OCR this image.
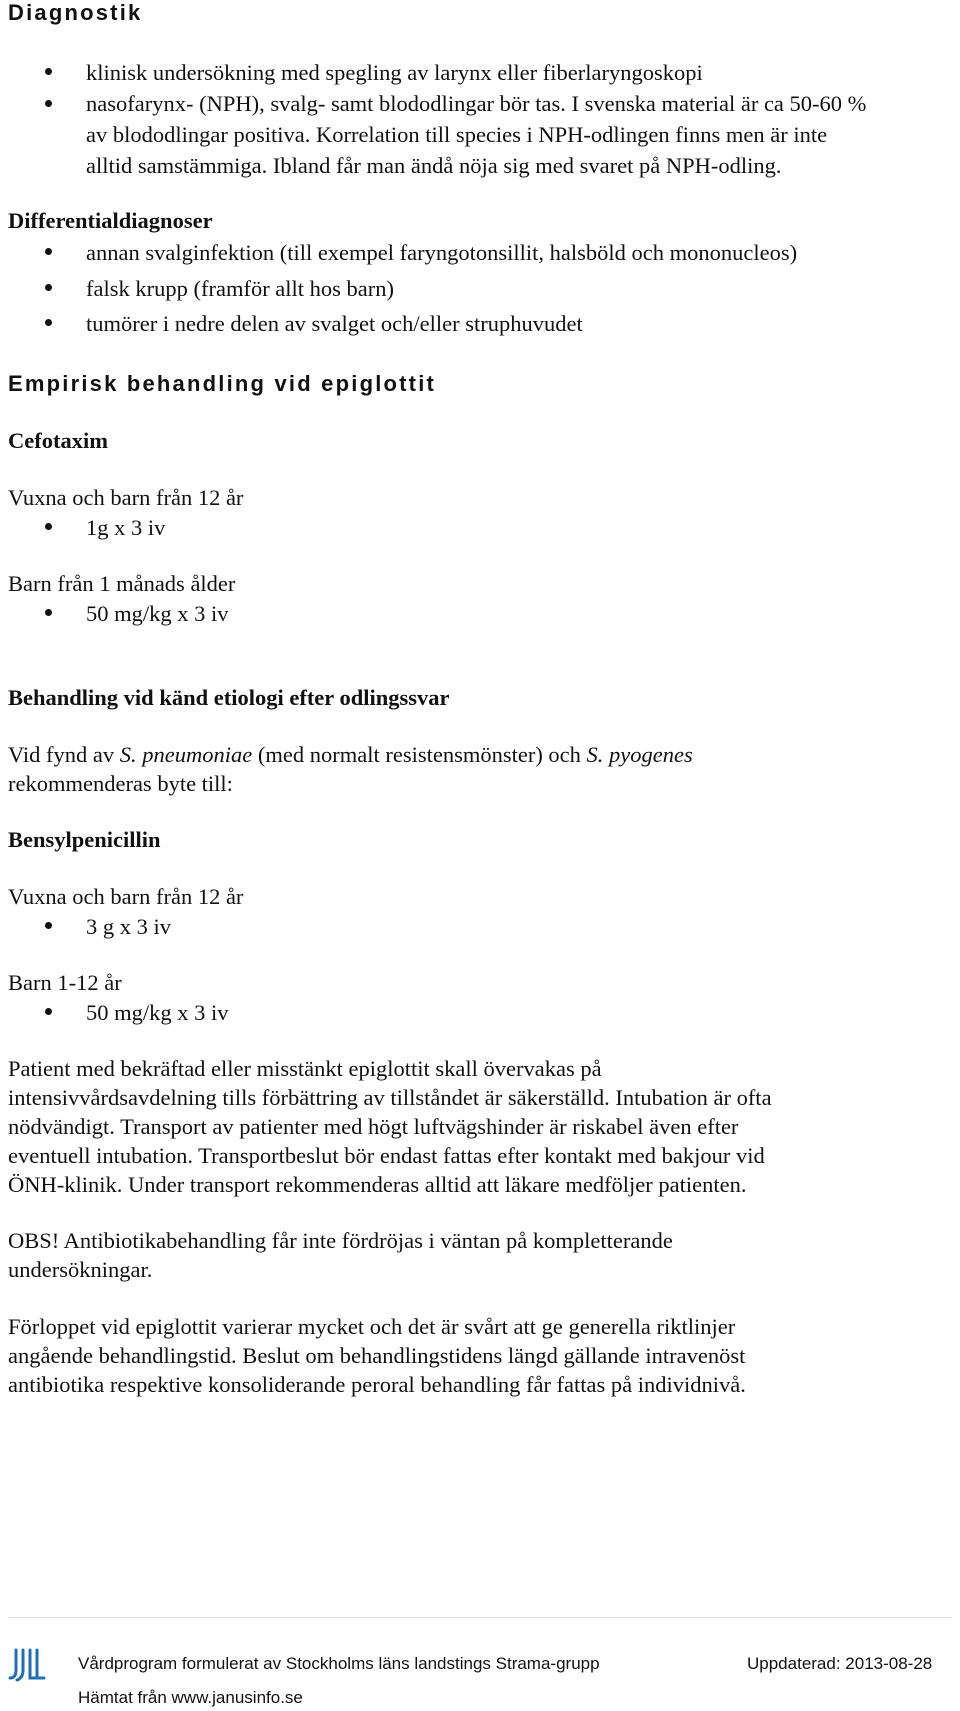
Diagnostik
klinisk undersökning med spegling av larynx eller fiberlaryngoskopi
nasofarynx- (NPH), svalg- samt blododlingar bör tas. I svenska material är ca 50-60 % av blododlingar positiva. Korrelation till species i NPH-odlingen finns men är inte alltid samstämmiga. Ibland får man ändå nöja sig med svaret på NPH-odling.
Differentialdiagnoser
annan svalginfektion (till exempel faryngotonsillit, halsböld och mononucleos)
falsk krupp (framför allt hos barn)
tumörer i nedre delen av svalget och/eller struphuvudet
Empirisk behandling vid epiglottit
Cefotaxim
Vuxna och barn från 12 år
1g x 3 iv
Barn från 1 månads ålder
50 mg/kg x 3 iv
Behandling vid känd etiologi efter odlingssvar
Vid fynd av S. pneumoniae (med normalt resistensmönster) och S. pyogenes
rekommenderas byte till:
Bensylpenicillin
Vuxna och barn från 12 år
3 g x 3 iv
Barn 1-12 år
50 mg/kg x 3 iv
Patient med bekräftad eller misstänkt epiglottit skall övervakas på
intensivvårdsavdelning tills förbättring av tillståndet är säkerställd. Intubation är ofta
nödvändigt. Transport av patienter med högt luftvägshinder är riskabel även efter
eventuell intubation. Transportbeslut bör endast fattas efter kontakt med bakjour vid
ÖNH-klinik. Under transport rekommenderas alltid att läkare medföljer patienten.
OBS! Antibiotikabehandling får inte fördröjas i väntan på kompletterande
undersökningar.
Förloppet vid epiglottit varierar mycket och det är svårt att ge generella riktlinjer
angående behandlingstid. Beslut om behandlingstidens längd gällande intravenöst
antibiotika respektive konsoliderande peroral behandling får fattas på individnivå.
Vårdprogram formulerat av Stockholms läns landstings Strama-grupp	Uppdaterad: 2013-08-28
Hämtat från www.janusinfo.se
